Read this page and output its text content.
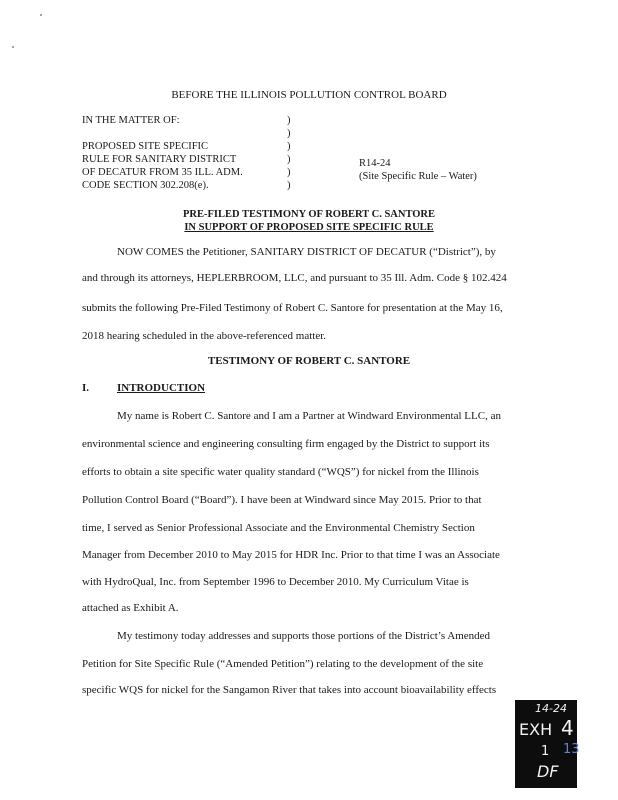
BEFORE THE ILLINOIS POLLUTION CONTROL BOARD
IN THE MATTER OF:
PROPOSED SITE SPECIFIC
RULE FOR SANITARY DISTRICT
OF DECATUR FROM 35 ILL. ADM.
CODE SECTION 302.208(e).
)
)
)
)
)
)
R14-24
(Site Specific Rule – Water)
PRE-FILED TESTIMONY OF ROBERT C. SANTORE
IN SUPPORT OF PROPOSED SITE SPECIFIC RULE
NOW COMES the Petitioner, SANITARY DISTRICT OF DECATUR (“District”), by
and through its attorneys, HEPLERBROOM, LLC, and pursuant to 35 Ill. Adm. Code § 102.424
submits the following Pre-Filed Testimony of Robert C. Santore for presentation at the May 16,
2018 hearing scheduled in the above-referenced matter.
TESTIMONY OF ROBERT C. SANTORE
I.	INTRODUCTION
My name is Robert C. Santore and I am a Partner at Windward Environmental LLC, an
environmental science and engineering consulting firm engaged by the District to support its
efforts to obtain a site specific water quality standard (“WQS”) for nickel from the Illinois
Pollution Control Board (“Board”). I have been at Windward since May 2015. Prior to that
time, I served as Senior Professional Associate and the Environmental Chemistry Section
Manager from December 2010 to May 2015 for HDR Inc. Prior to that time I was an Associate
with HydroQual, Inc. from September 1996 to December 2010. My Curriculum Vitae is
attached as Exhibit A.
My testimony today addresses and supports those portions of the District’s Amended
Petition for Site Specific Rule (“Amended Petition”) relating to the development of the site
specific WQS for nickel for the Sangamon River that takes into account bioavailability effects
14-24
EXH 4
1 13
DF
